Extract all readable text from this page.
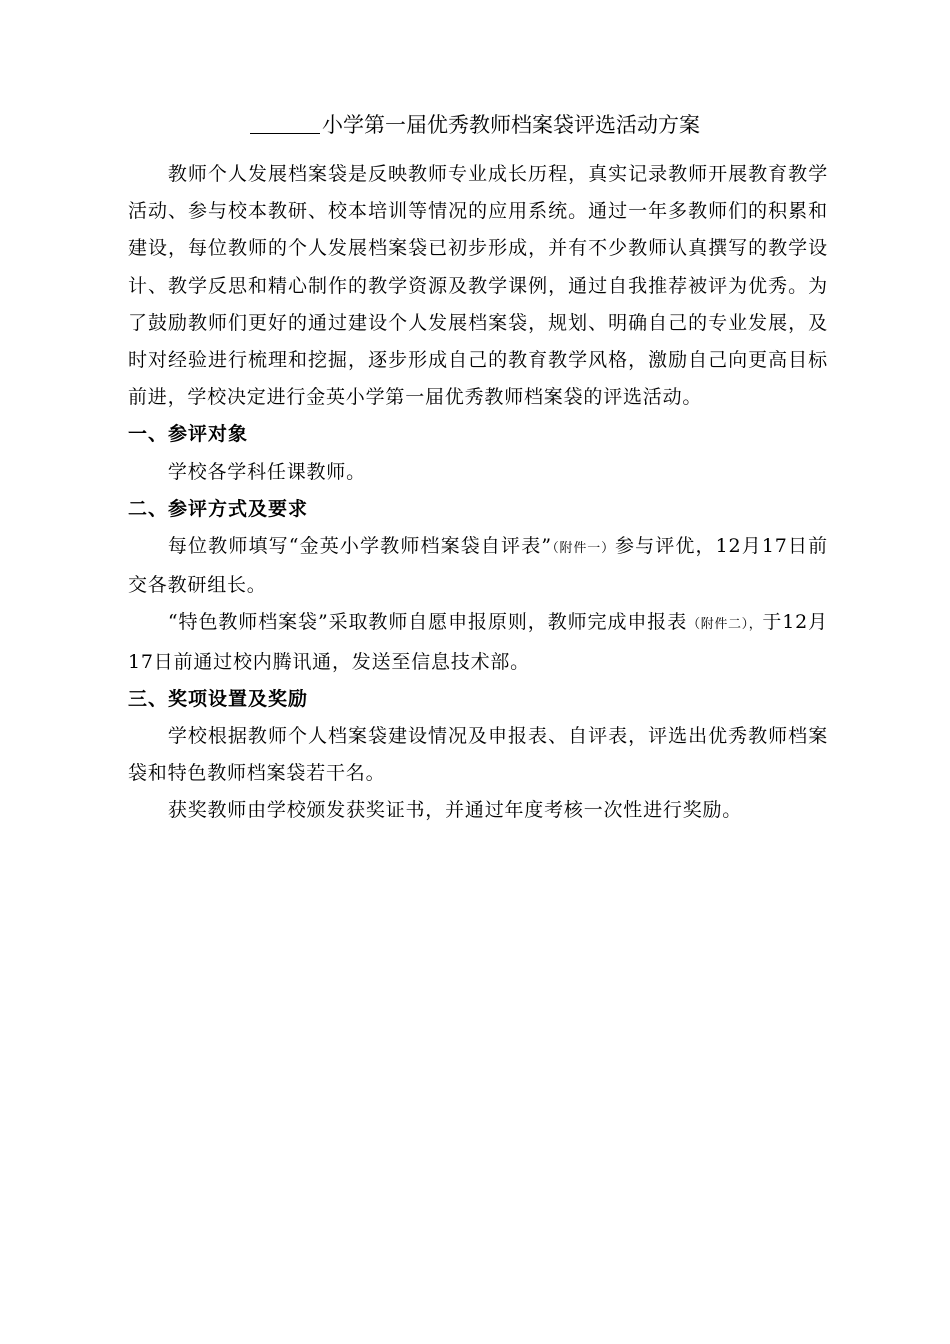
小学第一届优秀教师档案袋评选活动方案

教师个人发展档案袋是反映教师专业成长历程，真实记录教师开展教育教学活动、参与校本教研、校本培训等情况的应用系统。通过一年多教师们的积累和建设，每位教师的个人发展档案袋已初步形成，并有不少教师认真撰写的教学设计、教学反思和精心制作的教学资源及教学课例，通过自我推荐被评为优秀。为了鼓励教师们更好的通过建设个人发展档案袋，规划、明确自己的专业发展，及时对经验进行梳理和挖掘，逐步形成自己的教育教学风格，激励自己向更高目标前进，学校决定进行金英小学第一届优秀教师档案袋的评选活动。

一、参评对象

学校各学科任课教师。

二、参评方式及要求

每位教师填写“金英小学教师档案袋自评表”（附件一）参与评优，12月17日前交各教研组长。

“特色教师档案袋”采取教师自愿申报原则，教师完成申报表（附件二），于12月17日前通过校内腾讯通，发送至信息技术部。

三、奖项设置及奖励

学校根据教师个人档案袋建设情况及申报表、自评表，评选出优秀教师档案袋和特色教师档案袋若干名。

获奖教师由学校颁发获奖证书，并通过年度考核一次性进行奖励。
